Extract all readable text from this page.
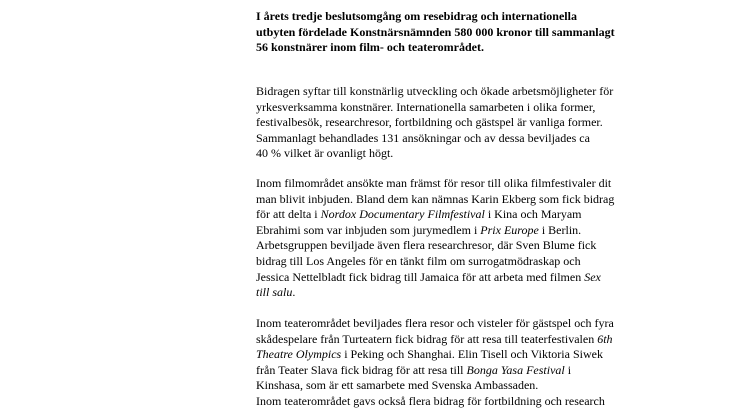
I årets tredje beslutsomgång om resebidrag och internationella
utbyten fördelade Konstnärsnämnden 580 000 kronor till sammanlagt
56 konstnärer inom film- och teaterområdet.

Bidragen syftar till konstnärlig utveckling och ökade arbetsmöjligheter för
yrkesverksamma konstnärer. Internationella samarbeten i olika former,
festivalbesök, researchresor, fortbildning och gästspel är vanliga former.
Sammanlagt behandlades 131 ansökningar och av dessa beviljades ca
40 % vilket är ovanligt högt.

Inom filmområdet ansökte man främst för resor till olika filmfestivaler dit
man blivit inbjuden. Bland dem kan nämnas Karin Ekberg som fick bidrag
för att delta i Nordox Documentary Filmfestival i Kina och Maryam
Ebrahimi som var inbjuden som jurymedlem i Prix Europe i Berlin.
Arbetsgruppen beviljade även flera researchresor, där Sven Blume fick
bidrag till Los Angeles för en tänkt film om surrogatmödraskap och
Jessica Nettelbladt fick bidrag till Jamaica för att arbeta med filmen Sex
till salu.

Inom teaterområdet beviljades flera resor och visteler för gästspel och fyra
skådespelare från Turteatern fick bidrag för att resa till teaterfestivalen 6th
Theatre Olympics i Peking och Shanghai. Elin Tisell och Viktoria Siwek
från Teater Slava fick bidrag för att resa till Bonga Yasa Festival i
Kinshasa, som är ett samarbete med Svenska Ambassaden.
Inom teaterområdet gavs också flera bidrag för fortbildning och research
